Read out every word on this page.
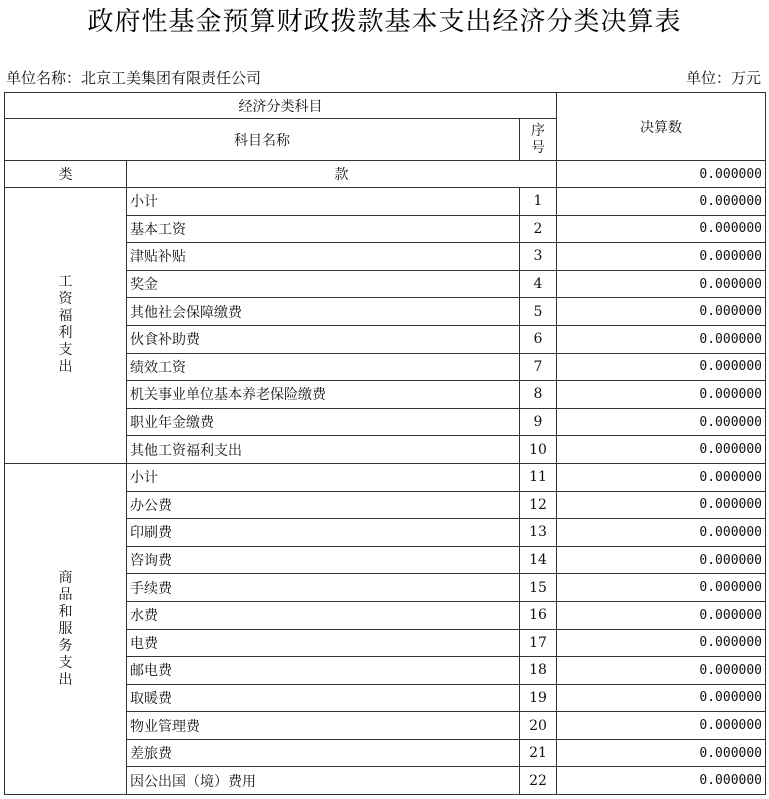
政府性基金预算财政拨款基本支出经济分类决算表
单位名称：北京工美集团有限责任公司	单位：万元
经济分类科目			决算数
科目名称		序
号	
类	款		0.000000
工资福利支出	小计	1	0.000000
	基本工资	2	0.000000
	津贴补贴	3	0.000000
	奖金	4	0.000000
	其他社会保障缴费	5	0.000000
	伙食补助费	6	0.000000
	绩效工资	7	0.000000
	机关事业单位基本养老保险缴费	8	0.000000
	职业年金缴费	9	0.000000
	其他工资福利支出	10	0.000000
商品和服务支出	小计	11	0.000000
	办公费	12	0.000000
	印刷费	13	0.000000
	咨询费	14	0.000000
	手续费	15	0.000000
	水费	16	0.000000
	电费	17	0.000000
	邮电费	18	0.000000
	取暖费	19	0.000000
	物业管理费	20	0.000000
	差旅费	21	0.000000
	因公出国（境）费用	22	0.000000
